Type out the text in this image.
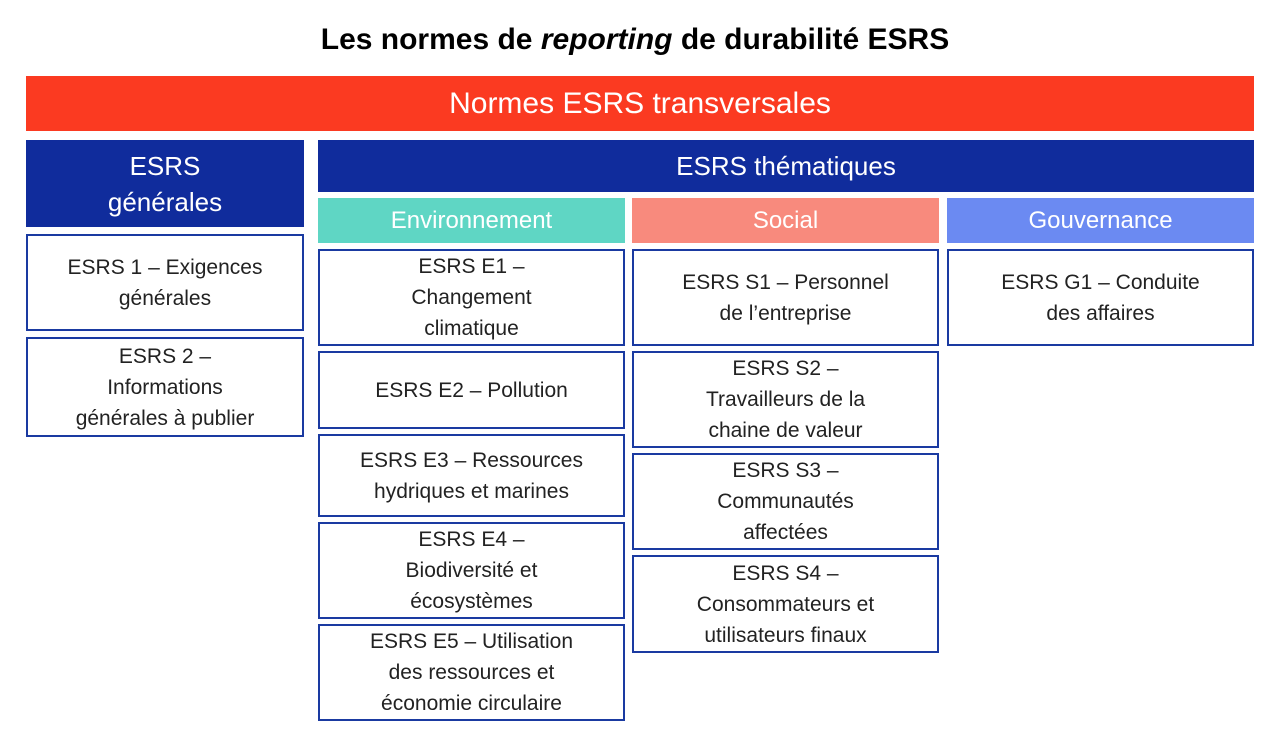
Les normes de reporting de durabilité ESRS
Normes ESRS transversales
ESRS
générales
ESRS thématiques
Environnement	Social	Gouvernance
ESRS 1 – Exigences
générales
ESRS 2 –
Informations
générales à publier
ESRS E1 –
Changement
climatique
ESRS E2 – Pollution
ESRS E3 – Ressources
hydriques et marines
ESRS E4 –
Biodiversité et
écosystèmes
ESRS E5 – Utilisation
des ressources et
économie circulaire
ESRS S1 – Personnel
de l’entreprise
ESRS S2 –
Travailleurs de la
chaine de valeur
ESRS S3 –
Communautés
affectées
ESRS S4 –
Consommateurs et
utilisateurs finaux
ESRS G1 – Conduite
des affaires
